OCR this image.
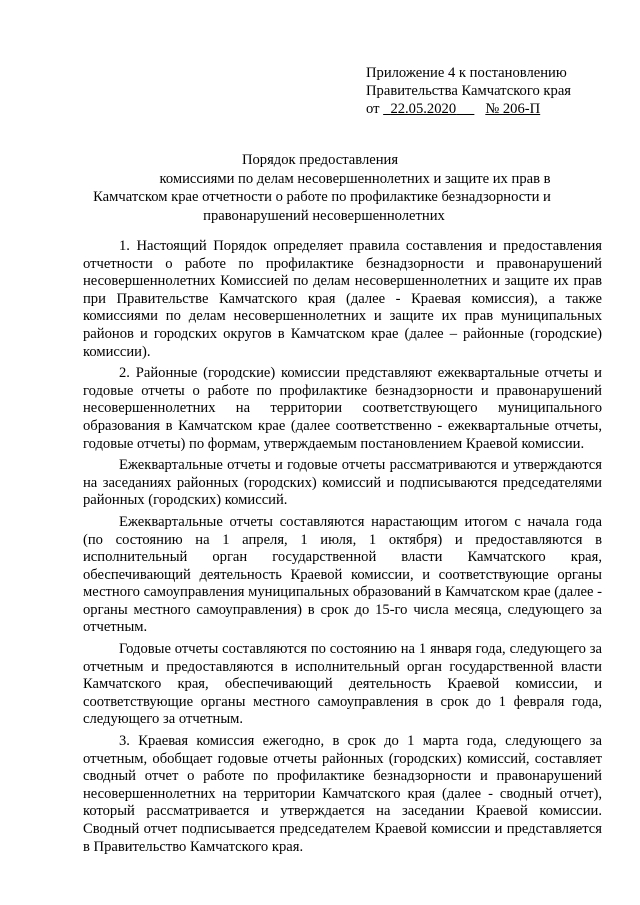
Приложение 4 к постановлению
Правительства Камчатского края
от 22.05.2020 № 206-П
Порядок предоставления
комиссиями по делам несовершеннолетних и защите их прав в
Камчатском крае отчетности о работе по профилактике безнадзорности и
правонарушений несовершеннолетних

1. Настоящий Порядок определяет правила составления и предоставления отчетности о работе по профилактике безнадзорности и правонарушений несовершеннолетних Комиссией по делам несовершеннолетних и защите их прав при Правительстве Камчатского края (далее - Краевая комиссия), а также комиссиями по делам несовершеннолетних и защите их прав муниципальных районов и городских округов в Камчатском крае (далее – районные (городские) комиссии).

2. Районные (городские) комиссии представляют ежеквартальные отчеты и годовые отчеты о работе по профилактике безнадзорности и правонарушений несовершеннолетних на территории соответствующего муниципального образования в Камчатском крае (далее соответственно - ежеквартальные отчеты, годовые отчеты) по формам, утверждаемым постановлением Краевой комиссии.

Ежеквартальные отчеты и годовые отчеты рассматриваются и утверждаются на заседаниях районных (городских) комиссий и подписываются председателями районных (городских) комиссий.

Ежеквартальные отчеты составляются нарастающим итогом с начала года (по состоянию на 1 апреля, 1 июля, 1 октября) и предоставляются в исполнительный орган государственной власти Камчатского края, обеспечивающий деятельность Краевой комиссии, и соответствующие органы местного самоуправления муниципальных образований в Камчатском крае (далее - органы местного самоуправления) в срок до 15-го числа месяца, следующего за отчетным.

Годовые отчеты составляются по состоянию на 1 января года, следующего за отчетным и предоставляются в исполнительный орган государственной власти Камчатского края, обеспечивающий деятельность Краевой комиссии, и соответствующие органы местного самоуправления в срок до 1 февраля года, следующего за отчетным.

3. Краевая комиссия ежегодно, в срок до 1 марта года, следующего за отчетным, обобщает годовые отчеты районных (городских) комиссий, составляет сводный отчет о работе по профилактике безнадзорности и правонарушений несовершеннолетних на территории Камчатского края (далее - сводный отчет), который рассматривается и утверждается на заседании Краевой комиссии. Сводный отчет подписывается председателем Краевой комиссии и представляется в Правительство Камчатского края.
